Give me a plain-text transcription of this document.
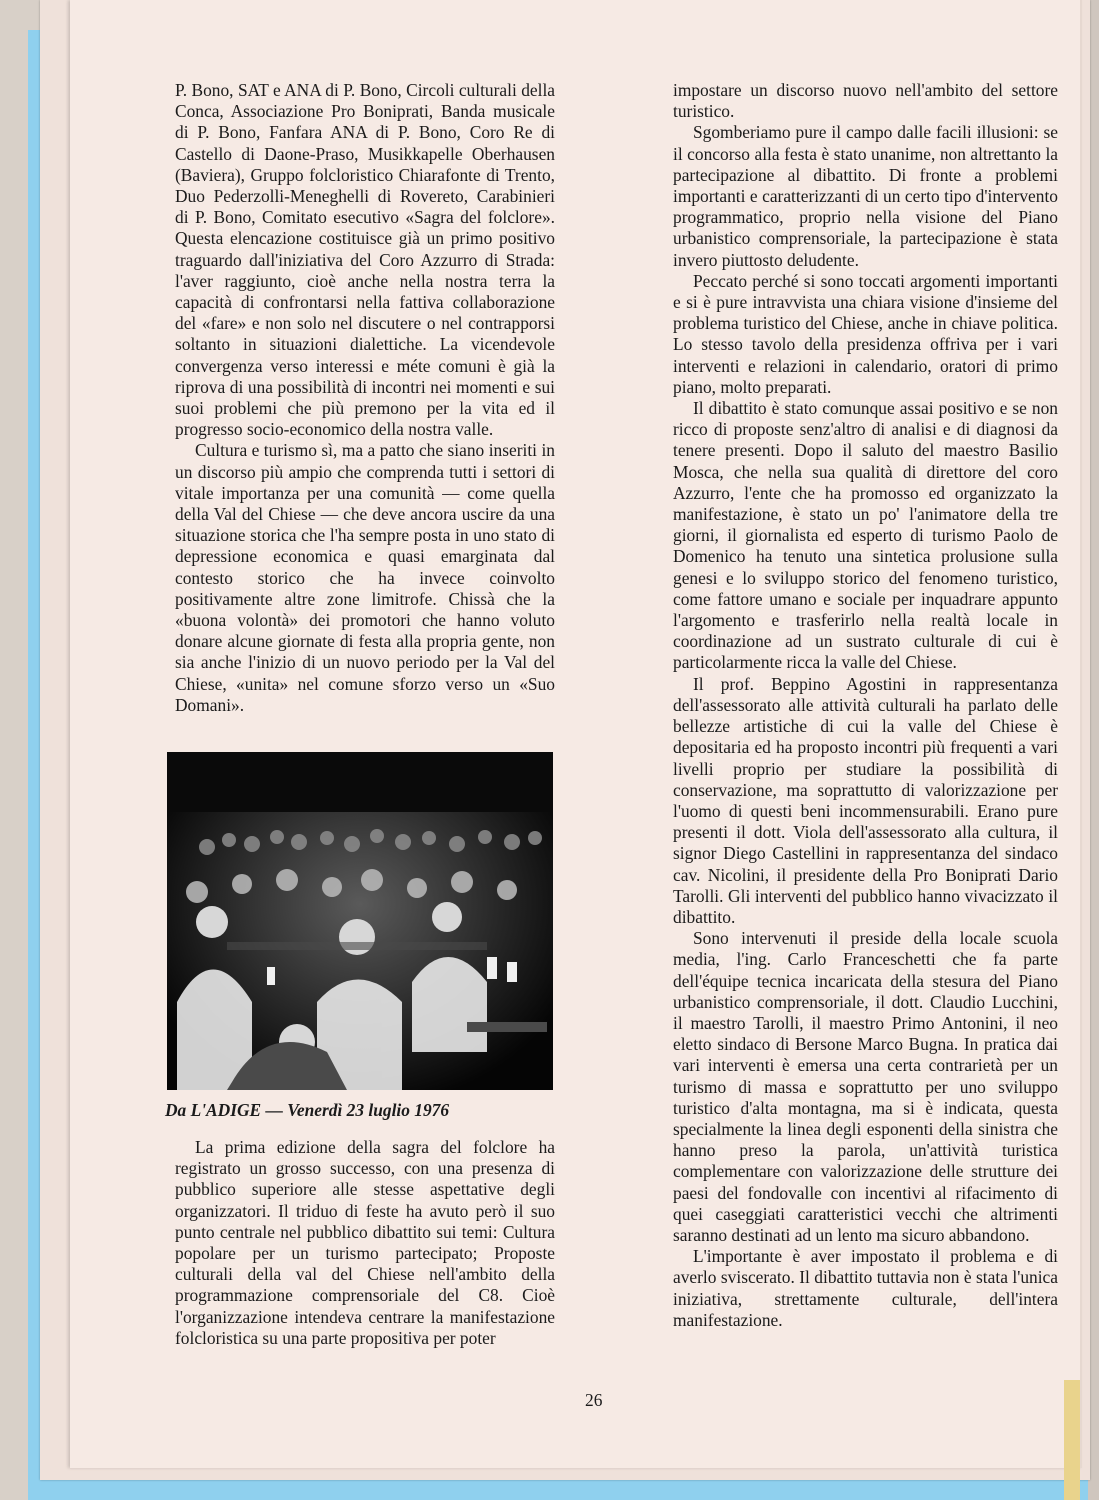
P. Bono, SAT e ANA di P. Bono, Circoli culturali della Conca, Associazione Pro Boniprati, Banda musicale di P. Bono, Fanfara ANA di P. Bono, Coro Re di Castello di Daone-Praso, Musikkapelle Oberhausen (Baviera), Gruppo folcloristico Chiarafonte di Trento, Duo Pederzolli-Meneghelli di Rovereto, Carabinieri di P. Bono, Comitato esecutivo «Sagra del folclore». Questa elencazione costituisce già un primo positivo traguardo dall'iniziativa del Coro Azzurro di Strada: l'aver raggiunto, cioè anche nella nostra terra la capacità di confrontarsi nella fattiva collaborazione del «fare» e non solo nel discutere o nel contrapporsi soltanto in situazioni dialettiche. La vicendevole convergenza verso interessi e méte comuni è già la riprova di una possibilità di incontri nei momenti e sui suoi problemi che più premono per la vita ed il progresso socio-economico della nostra valle.

Cultura e turismo sì, ma a patto che siano inseriti in un discorso più ampio che comprenda tutti i settori di vitale importanza per una comunità — come quella della Val del Chiese — che deve ancora uscire da una situazione storica che l'ha sempre posta in uno stato di depressione economica e quasi emarginata dal contesto storico che ha invece coinvolto positivamente altre zone limitrofe. Chissà che la «buona volontà» dei promotori che hanno voluto donare alcune giornate di festa alla propria gente, non sia anche l'inizio di un nuovo periodo per la Val del Chiese, «unita» nel comune sforzo verso un «Suo Domani».

Da L'ADIGE — Venerdì 23 luglio 1976

La prima edizione della sagra del folclore ha registrato un grosso successo, con una presenza di pubblico superiore alle stesse aspettative degli organizzatori. Il triduo di feste ha avuto però il suo punto centrale nel pubblico dibattito sui temi: Cultura popolare per un turismo partecipato; Proposte culturali della val del Chiese nell'ambito della programmazione comprensoriale del C8. Cioè l'organizzazione intendeva centrare la manifestazione folcloristica su una parte propositiva per poter

impostare un discorso nuovo nell'ambito del settore turistico.

Sgomberiamo pure il campo dalle facili illusioni: se il concorso alla festa è stato unanime, non altrettanto la partecipazione al dibattito. Di fronte a problemi importanti e caratterizzanti di un certo tipo d'intervento programmatico, proprio nella visione del Piano urbanistico comprensoriale, la partecipazione è stata invero piuttosto deludente.

Peccato perché si sono toccati argomenti importanti e si è pure intravvista una chiara visione d'insieme del problema turistico del Chiese, anche in chiave politica. Lo stesso tavolo della presidenza offriva per i vari interventi e relazioni in calendario, oratori di primo piano, molto preparati.

Il dibattito è stato comunque assai positivo e se non ricco di proposte senz'altro di analisi e di diagnosi da tenere presenti. Dopo il saluto del maestro Basilio Mosca, che nella sua qualità di direttore del coro Azzurro, l'ente che ha promosso ed organizzato la manifestazione, è stato un po' l'animatore della tre giorni, il giornalista ed esperto di turismo Paolo de Domenico ha tenuto una sintetica prolusione sulla genesi e lo sviluppo storico del fenomeno turistico, come fattore umano e sociale per inquadrare appunto l'argomento e trasferirlo nella realtà locale in coordinazione ad un sustrato culturale di cui è particolarmente ricca la valle del Chiese.

Il prof. Beppino Agostini in rappresentanza dell'assessorato alle attività culturali ha parlato delle bellezze artistiche di cui la valle del Chiese è depositaria ed ha proposto incontri più frequenti a vari livelli proprio per studiare la possibilità di conservazione, ma soprattutto di valorizzazione per l'uomo di questi beni incommensurabili. Erano pure presenti il dott. Viola dell'assessorato alla cultura, il signor Diego Castellini in rappresentanza del sindaco cav. Nicolini, il presidente della Pro Boniprati Dario Tarolli. Gli interventi del pubblico hanno vivacizzato il dibattito.

Sono intervenuti il preside della locale scuola media, l'ing. Carlo Franceschetti che fa parte dell'équipe tecnica incaricata della stesura del Piano urbanistico comprensoriale, il dott. Claudio Lucchini, il maestro Tarolli, il maestro Primo Antonini, il neo eletto sindaco di Bersone Marco Bugna. In pratica dai vari interventi è emersa una certa contrarietà per un turismo di massa e soprattutto per uno sviluppo turistico d'alta montagna, ma si è indicata, questa specialmente la linea degli esponenti della sinistra che hanno preso la parola, un'attività turistica complementare con valorizzazione delle strutture dei paesi del fondovalle con incentivi al rifacimento di quei caseggiati caratteristici vecchi che altrimenti saranno destinati ad un lento ma sicuro abbandono.

L'importante è aver impostato il problema e di averlo sviscerato. Il dibattito tuttavia non è stata l'unica iniziativa, strettamente culturale, dell'intera manifestazione.

26
